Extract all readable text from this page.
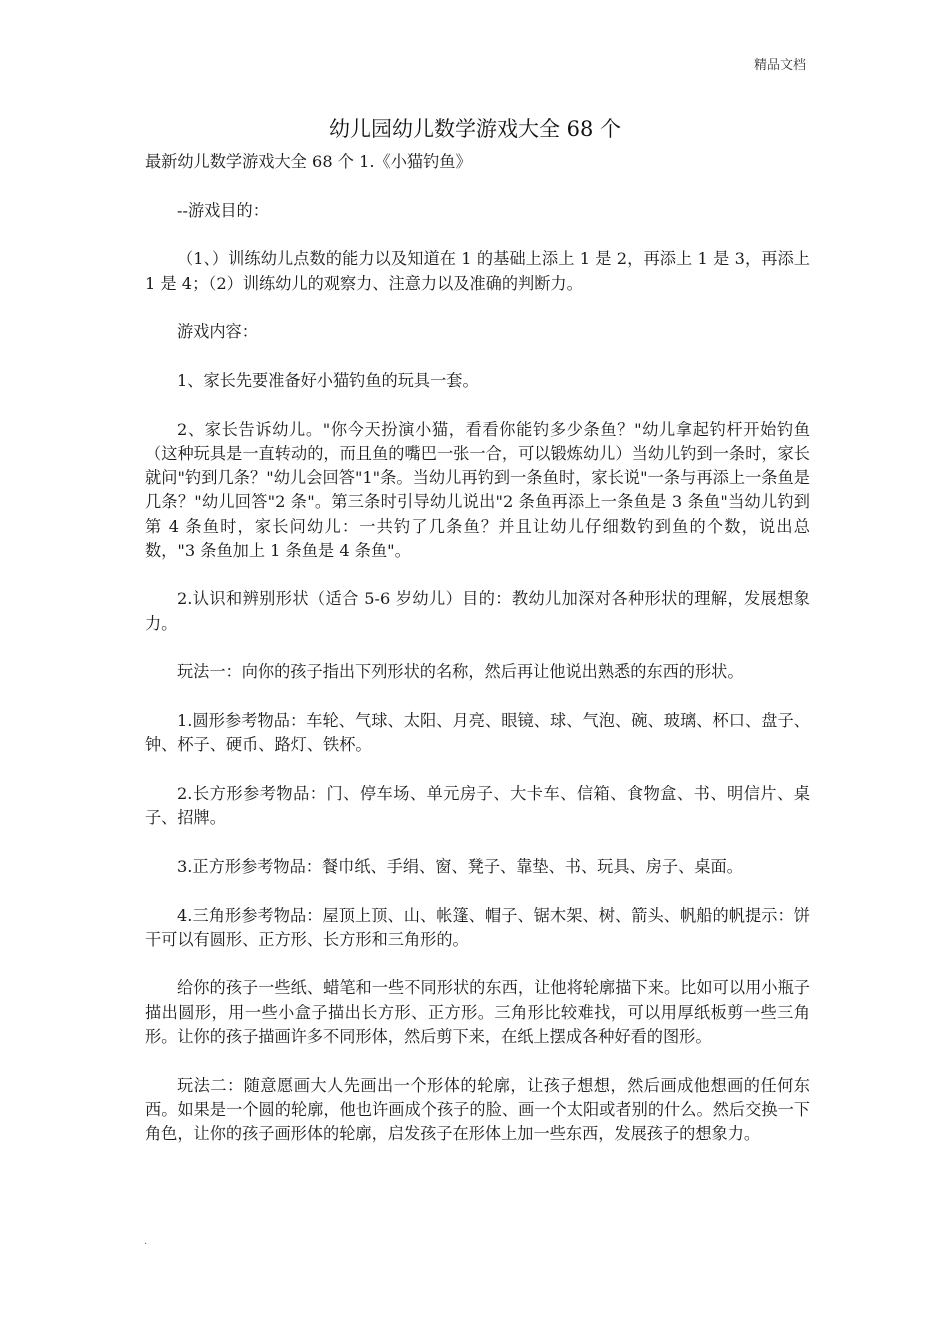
精品文档
幼儿园幼儿数学游戏大全 68 个

最新幼儿数学游戏大全 68 个 1.《小猫钓鱼》

--游戏目的：

（1、）训练幼儿点数的能力以及知道在 1 的基础上添上 1 是 2，再添上 1 是 3，再添上 1 是 4；（2）训练幼儿的观察力、注意力以及准确的判断力。

游戏内容：

1、家长先要准备好小猫钓鱼的玩具一套。

2、家长告诉幼儿。"你今天扮演小猫，看看你能钓多少条鱼？"幼儿拿起钓杆开始钓鱼（这种玩具是一直转动的，而且鱼的嘴巴一张一合，可以锻炼幼儿）当幼儿钓到一条时，家长就问"钓到几条？"幼儿会回答"1"条。当幼儿再钓到一条鱼时，家长说"一条与再添上一条鱼是几条？"幼儿回答"2 条"。第三条时引导幼儿说出"2 条鱼再添上一条鱼是 3 条鱼"当幼儿钓到第 4 条鱼时，家长问幼儿：一共钓了几条鱼？并且让幼儿仔细数钓到鱼的个数，说出总数，"3 条鱼加上 1 条鱼是 4 条鱼"。

2.认识和辨别形状（适合 5-6 岁幼儿）目的：教幼儿加深对各种形状的理解，发展想象力。

玩法一：向你的孩子指出下列形状的名称，然后再让他说出熟悉的东西的形状。

1.圆形参考物品：车轮、气球、太阳、月亮、眼镜、球、气泡、碗、玻璃、杯口、盘子、钟、杯子、硬币、路灯、铁杯。

2.长方形参考物品：门、停车场、单元房子、大卡车、信箱、食物盒、书、明信片、桌子、招牌。

3.正方形参考物品：餐巾纸、手绢、窗、凳子、靠垫、书、玩具、房子、桌面。

4.三角形参考物品：屋顶上顶、山、帐篷、帽子、锯木架、树、箭头、帆船的帆提示：饼干可以有圆形、正方形、长方形和三角形的。

给你的孩子一些纸、蜡笔和一些不同形状的东西，让他将轮廓描下来。比如可以用小瓶子描出圆形，用一些小盒子描出长方形、正方形。三角形比较难找，可以用厚纸板剪一些三角形。让你的孩子描画许多不同形体，然后剪下来，在纸上摆成各种好看的图形。

玩法二：随意愿画大人先画出一个形体的轮廓，让孩子想想，然后画成他想画的任何东西。如果是一个圆的轮廓，他也许画成个孩子的脸、画一个太阳或者别的什么。然后交换一下角色，让你的孩子画形体的轮廓，启发孩子在形体上加一些东西，发展孩子的想象力。

.
